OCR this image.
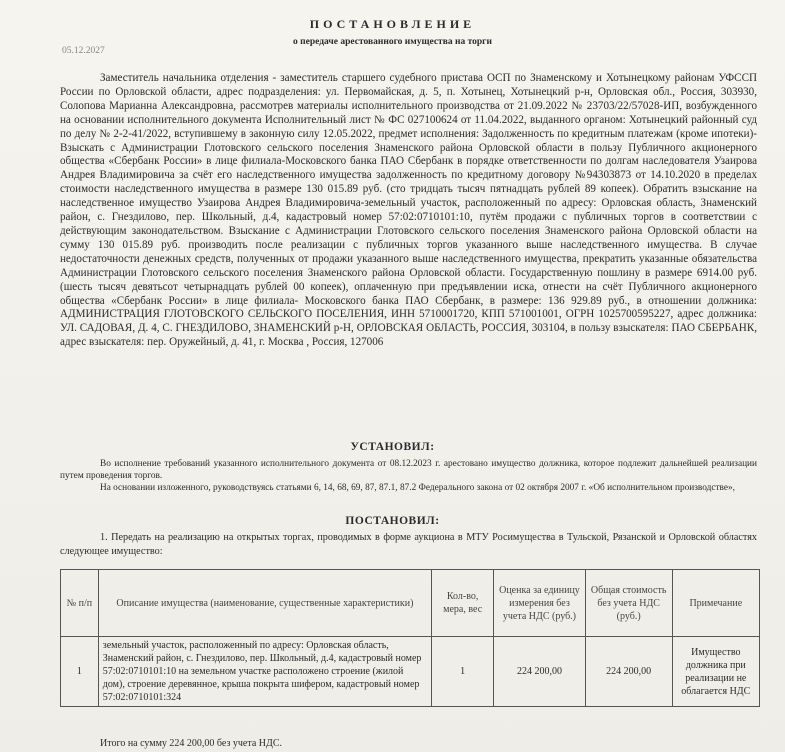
ПОСТАНОВЛЕНИЕ
о передаче арестованного имущества на торги
05.12.2027

Заместитель начальника отделения - заместитель старшего судебного пристава ОСП по Знаменскому и Хотынецкому районам УФССП России по Орловской области, адрес подразделения: ул. Первомайская, д. 5, п. Хотынец, Хотынецкий р-н, Орловская обл., Россия, 303930, Солопова Марианна Александровна, рассмотрев материалы исполнительного производства от 21.09.2022 № 23703/22/57028-ИП, возбужденного на основании исполнительного документа Исполнительный лист № ФС 027100624 от 11.04.2022, выданного органом: Хотынецкий районный суд по делу № 2-2-41/2022, вступившему в законную силу 12.05.2022, предмет исполнения: Задолженность по кредитным платежам (кроме ипотеки)-Взыскать с Администрации Глотовского сельского поселения Знаменского района Орловской области в пользу Публичного акционерного общества «Сбербанк России» в лице филиала-Московского банка ПАО Сбербанк в порядке ответственности по долгам наследователя Узаирова Андрея Владимировича за счёт его наследственного имущества задолженность по кредитному договору №94303873 от 14.10.2020 в пределах стоимости наследственного имущества в размере 130 015.89 руб. (сто тридцать тысяч пятнадцать рублей 89 копеек). Обратить взыскание на наследственное имущество Узаирова Андрея Владимировича-земельный участок, расположенный по адресу: Орловская область, Знаменский район, с. Гнездилово, пер. Школьный, д.4, кадастровый номер 57:02:0710101:10, путём продажи с публичных торгов в соответствии с действующим законодательством. Взыскание с Администрации Глотовского сельского поселения Знаменского района Орловской области на сумму 130 015.89 руб. производить после реализации с публичных торгов указанного выше наследственного имущества. В случае недостаточности денежных средств, полученных от продажи указанного выше наследственного имущества, прекратить указанные обязательства Администрации Глотовского сельского поселения Знаменского района Орловской области. Государственную пошлину в размере 6914.00 руб. (шесть тысяч девятьсот четырнадцать рублей 00 копеек), оплаченную при предъявлении иска, отнести на счёт Публичного акционерного общества «Сбербанк России» в лице филиала- Московского банка ПАО Сбербанк, в размере: 136 929.89 руб., в отношении должника: АДМИНИСТРАЦИЯ ГЛОТОВСКОГО СЕЛЬСКОГО ПОСЕЛЕНИЯ, ИНН 5710001720, КПП 571001001, ОГРН 1025700595227, адрес должника: УЛ. САДОВАЯ, Д. 4, С. ГНЕЗДИЛОВО, ЗНАМЕНСКИЙ р-Н, ОРЛОВСКАЯ ОБЛАСТЬ, РОССИЯ, 303104, в пользу взыскателя: ПАО СБЕРБАНК, адрес взыскателя: пер. Оружейный, д. 41, г. Москва , Россия, 127006

УСТАНОВИЛ:

Во исполнение требований указанного исполнительного документа от 08.12.2023 г. арестовано имущество должника, которое подлежит дальнейшей реализации путем проведения торгов.

На основании изложенного, руководствуясь статьями 6, 14, 68, 69, 87, 87.1, 87.2 Федерального закона от 02 октября 2007 г. «Об исполнительном производстве»,

ПОСТАНОВИЛ:

1. Передать на реализацию на открытых торгах, проводимых в форме аукциона в МТУ Росимущества в Тульской, Рязанской и Орловской областях следующее имущество:

№ п/п	Описание имущества (наименование, существенные характеристики)	Кол-во, мера, вес	Оценка за единицу измерения без учета НДС (руб.)	Общая стоимость без учета НДС (руб.)	Примечание
1	земельный участок, расположенный по адресу: Орловская область, Знаменский район, с. Гнездилово, пер. Школьный, д.4, кадастровый номер 57:02:0710101:10 на земельном участке расположено строение (жилой дом), строение деревянное, крыша покрыта шифером, кадастровый номер 57:02:0710101:324	1	224 200,00	224 200,00	Имущество должника при реализации не облагается НДС
Итого на сумму 224 200,00 без учета НДС.
